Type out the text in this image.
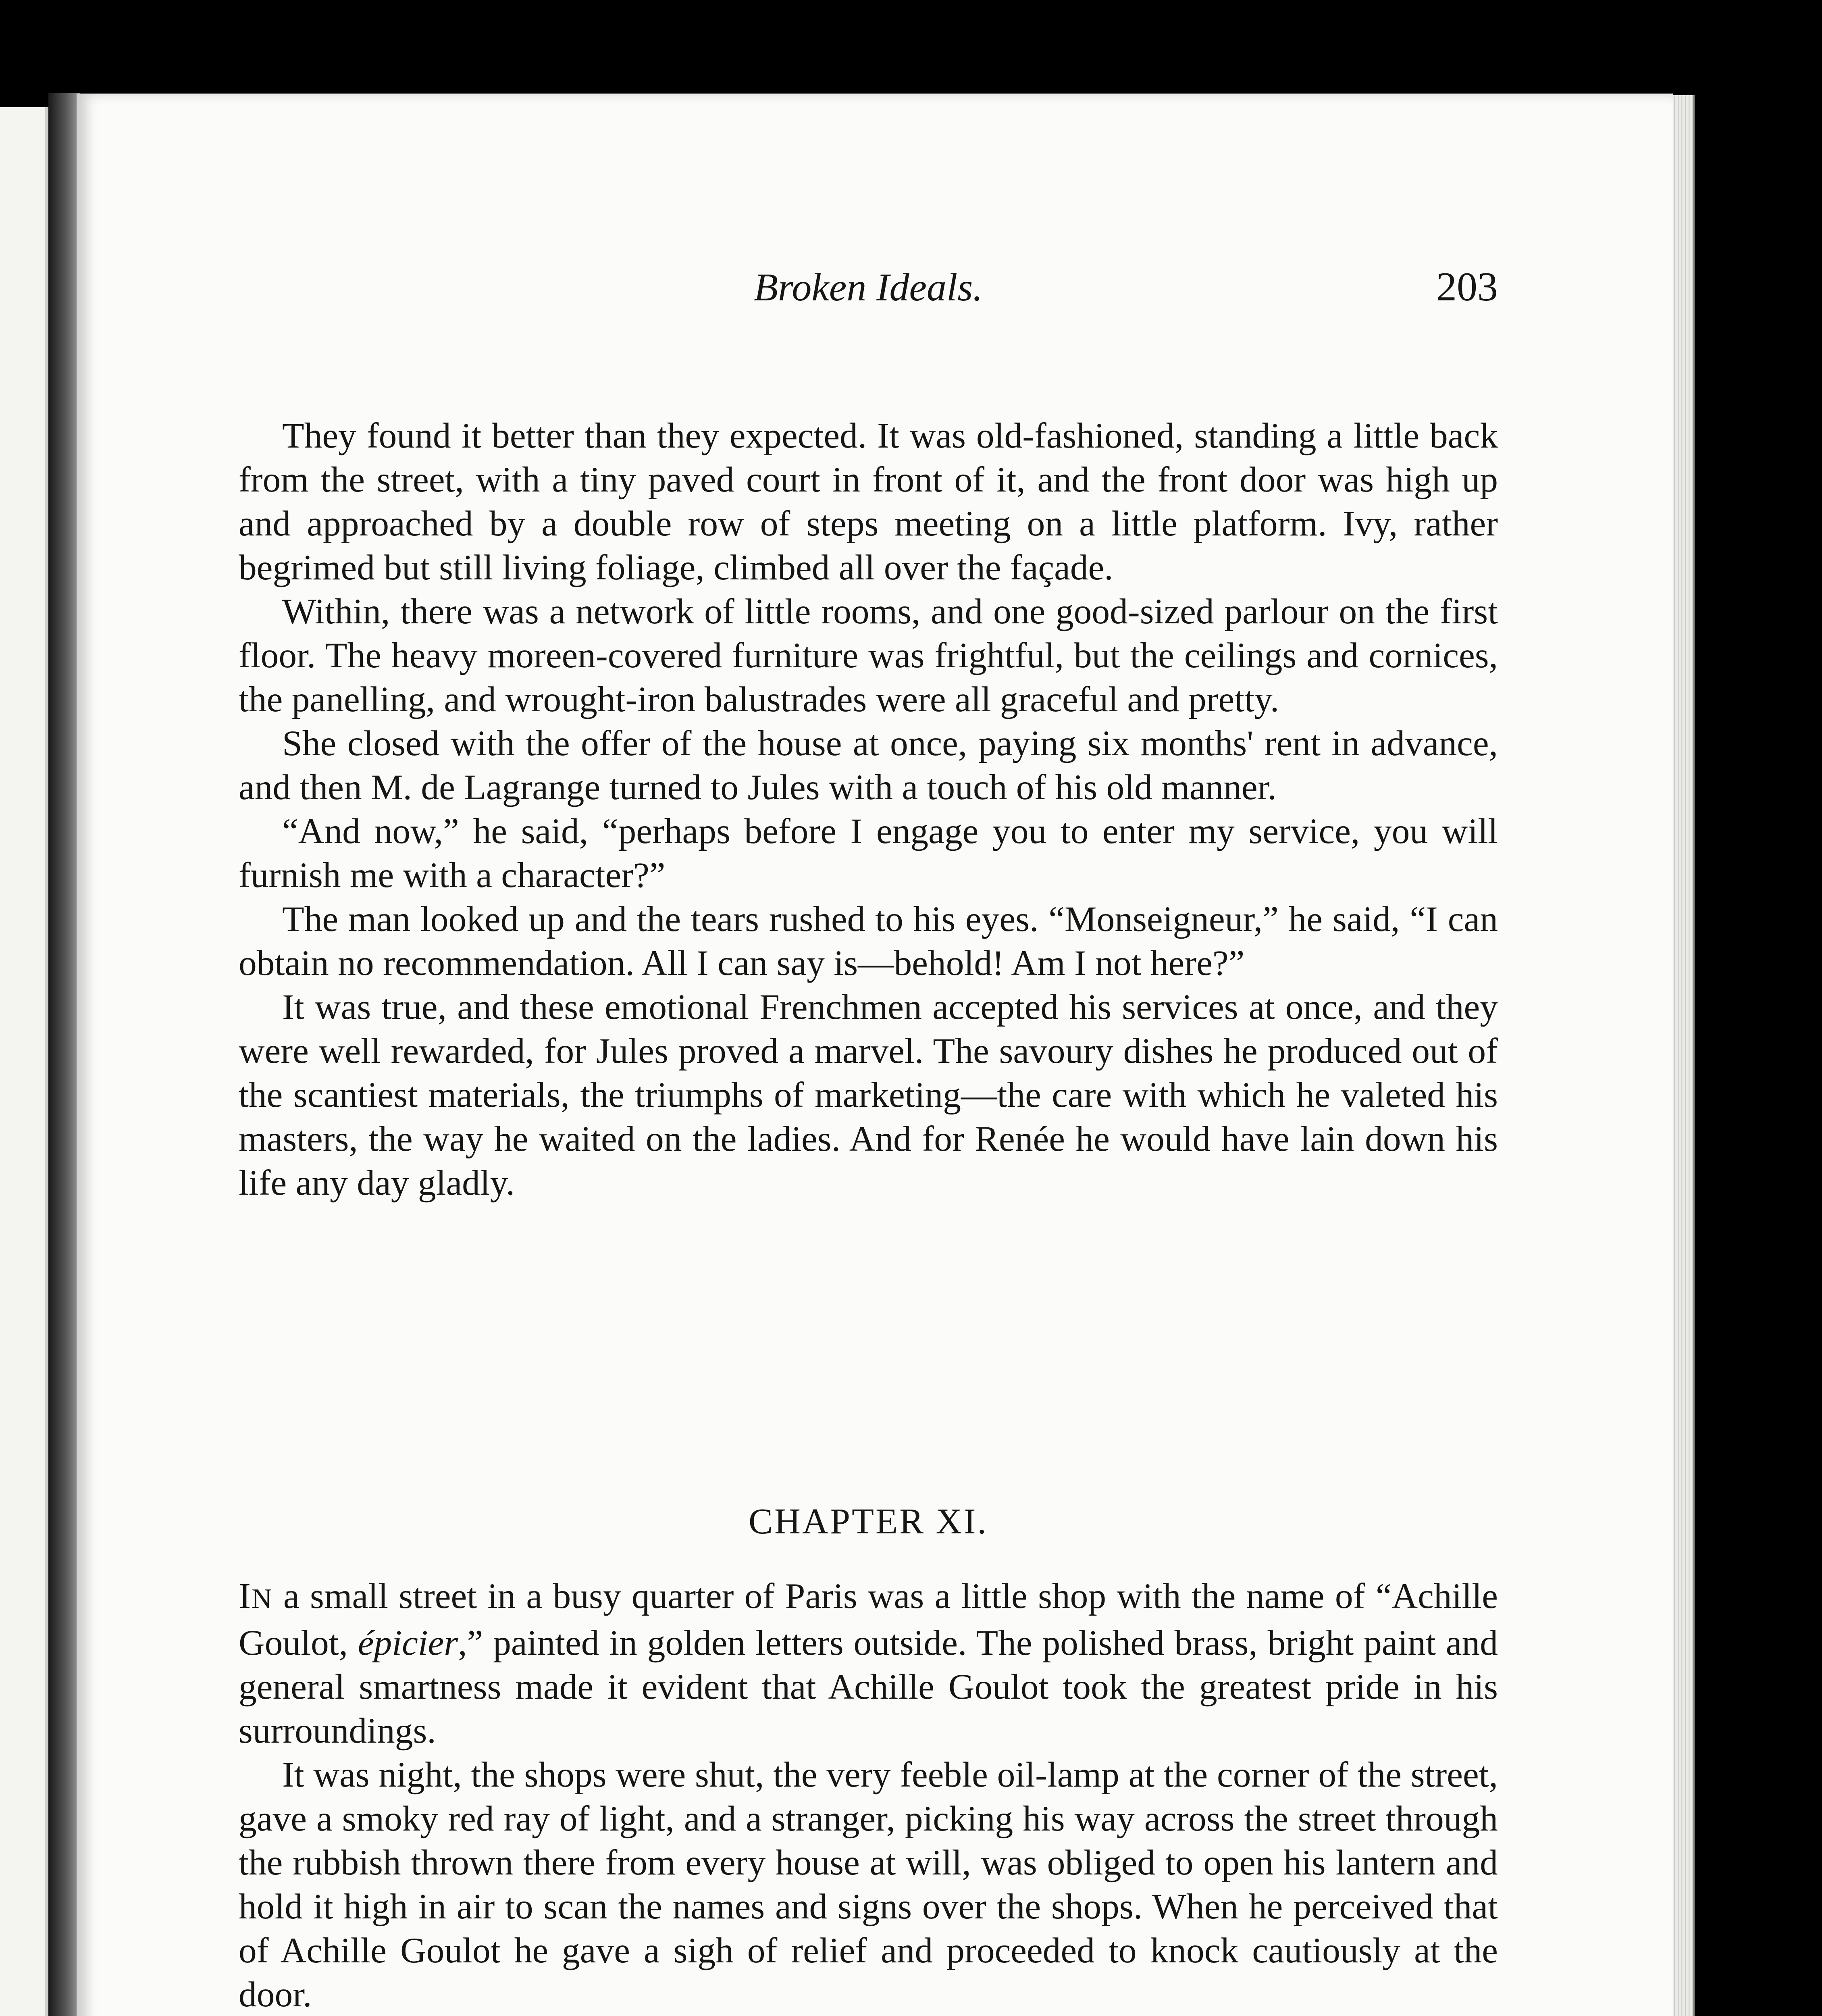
Broken Ideals.	203

They found it better than they expected. It was old-fashioned, standing a little back from the street, with a tiny paved court in front of it, and the front door was high up and approached by a double row of steps meeting on a little platform. Ivy, rather begrimed but still living foliage, climbed all over the façade.

Within, there was a network of little rooms, and one good-sized parlour on the first floor. The heavy moreen-covered furniture was frightful, but the ceilings and cornices, the panelling, and wrought-iron balustrades were all graceful and pretty.

She closed with the offer of the house at once, paying six months' rent in advance, and then M. de Lagrange turned to Jules with a touch of his old manner.

“And now,” he said, “perhaps before I engage you to enter my service, you will furnish me with a character?”

The man looked up and the tears rushed to his eyes. “Monseigneur,” he said, “I can obtain no recommendation. All I can say is—behold! Am I not here?”

It was true, and these emotional Frenchmen accepted his services at once, and they were well rewarded, for Jules proved a marvel. The savoury dishes he produced out of the scantiest materials, the triumphs of marketing—the care with which he valeted his masters, the way he waited on the ladies. And for Renée he would have lain down his life any day gladly.

CHAPTER XI.

IN a small street in a busy quarter of Paris was a little shop with the name of “Achille Goulot, épicier,” painted in golden letters outside. The polished brass, bright paint and general smartness made it evident that Achille Goulot took the greatest pride in his surroundings.

It was night, the shops were shut, the very feeble oil-lamp at the corner of the street, gave a smoky red ray of light, and a stranger, picking his way across the street through the rubbish thrown there from every house at will, was obliged to open his lantern and hold it high in air to scan the names and signs over the shops. When he perceived that of Achille Goulot he gave a sigh of relief and proceeded to knock cautiously at the door.
